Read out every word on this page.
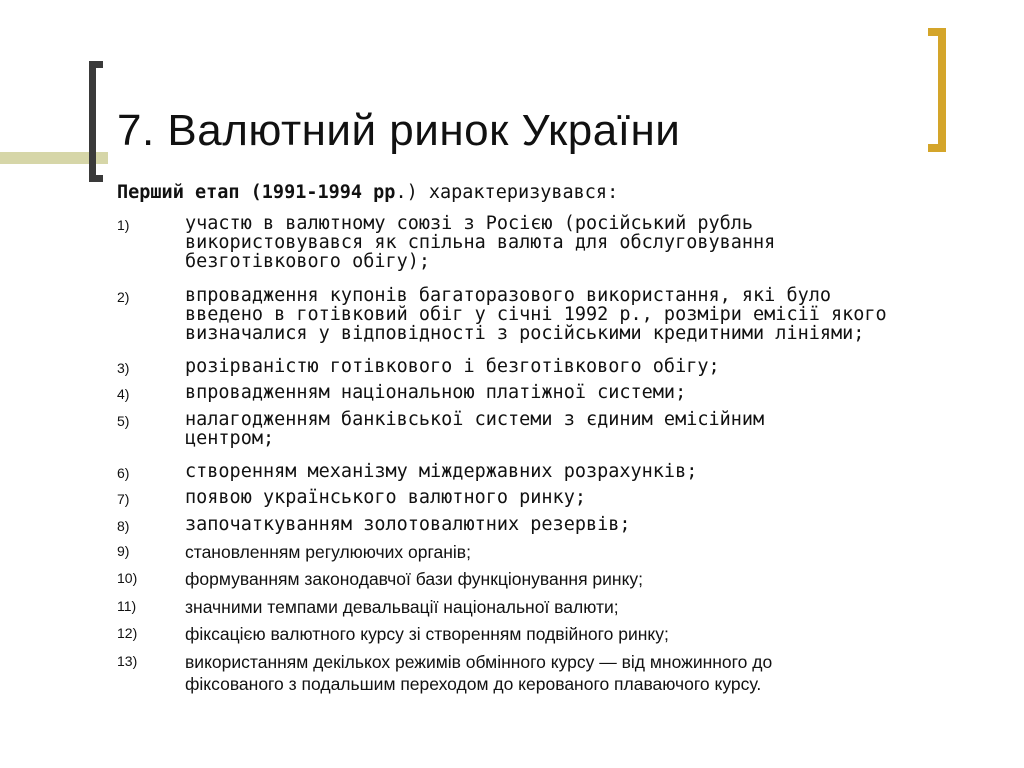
7. Валютний ринок України
Перший етап (1991-1994 рр.) характеризувався:
1)	участю в валютному союзі з Росією (російський рубль
використовувався як спільна валюта для обслуговування
безготівкового обігу);
2)	впровадження купонів багаторазового використання, які було
введено в готівковий обіг у січні 1992 р., розміри емісії якого
визначалися у відповідності з російськими кредитними лініями;
3)	розірваністю готівкового і безготівкового обігу;
4)	впровадженням національною платіжної системи;
5)	налагодженням банківської системи з єдиним емісійним
центром;
6)	створенням механізму міждержавних розрахунків;
7)	появою українського валютного ринку;
8)	започаткуванням золотовалютних резервів;
9)	становленням регулюючих органів;
10)	формуванням законодавчої бази функціонування ринку;
11)	значними темпами девальвації національної валюти;
12)	фіксацією валютного курсу зі створенням подвійного ринку;
13)	використанням декількох режимів обмінного курсу — від множинного до
фіксованого з подальшим переходом до керованого плаваючого курсу.
